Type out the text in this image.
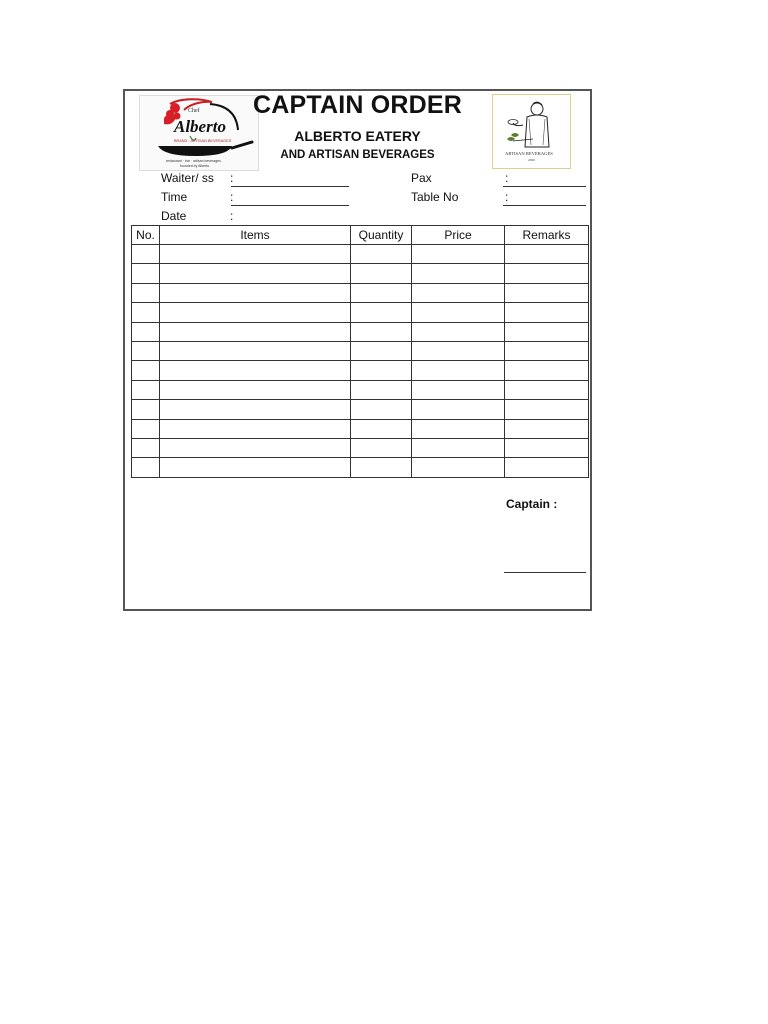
Chef
Alberto
BRAND · ARTISAN BEVERAGES
restaurant · bar · artisan beverages
founded by Alberto
ARTISAN BEVERAGES
2020
CAPTAIN ORDER
ALBERTO EATERY
AND ARTISAN BEVERAGES
Waiter/ ss :
Time	:
Date	:
Pax	:
Table No	:
No.	Items	Quantity	Price	Remarks

Captain :
